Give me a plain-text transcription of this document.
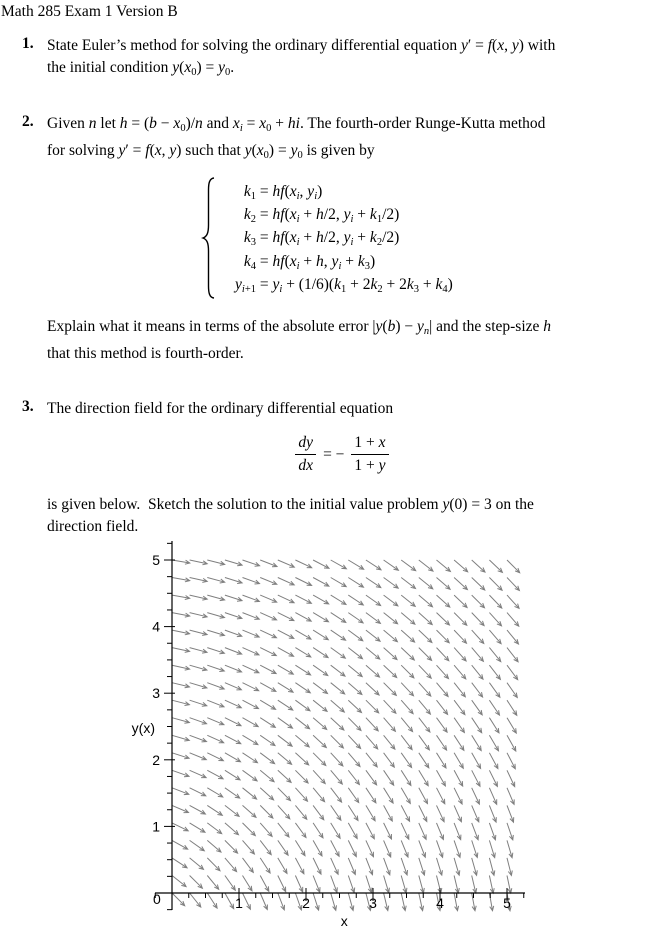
Math 285 Exam 1 Version B
1. State Euler’s method for solving the ordinary differential equation y′ = f(x, y) with
the initial condition y(x0) = y0.
2. Given n let h = (b − x0)/n and xi = x0 + hi. The fourth-order Runge-Kutta method
for solving y′ = f(x, y) such that y(x0) = y0 is given by
k1 = hf(xi, yi)
k2 = hf(xi + h/2, yi + k1/2)
k3 = hf(xi + h/2, yi + k2/2)
k4 = hf(xi + h, yi + k3)
yi+1 = yi + (1/6)(k1 + 2k2 + 2k3 + k4)
Explain what it means in terms of the absolute error |y(b) − yn| and the step-size h
that this method is fourth-order.
3. The direction field for the ordinary differential equation
$\frac{dy}{dx}$ = − $\frac{1 + x}{1 + y}$
is given below.  Sketch the solution to the initial value problem y(0) = 3 on the
direction field.
1
2
3
4
5
1	2	3	4	5
0
y(x)
x
